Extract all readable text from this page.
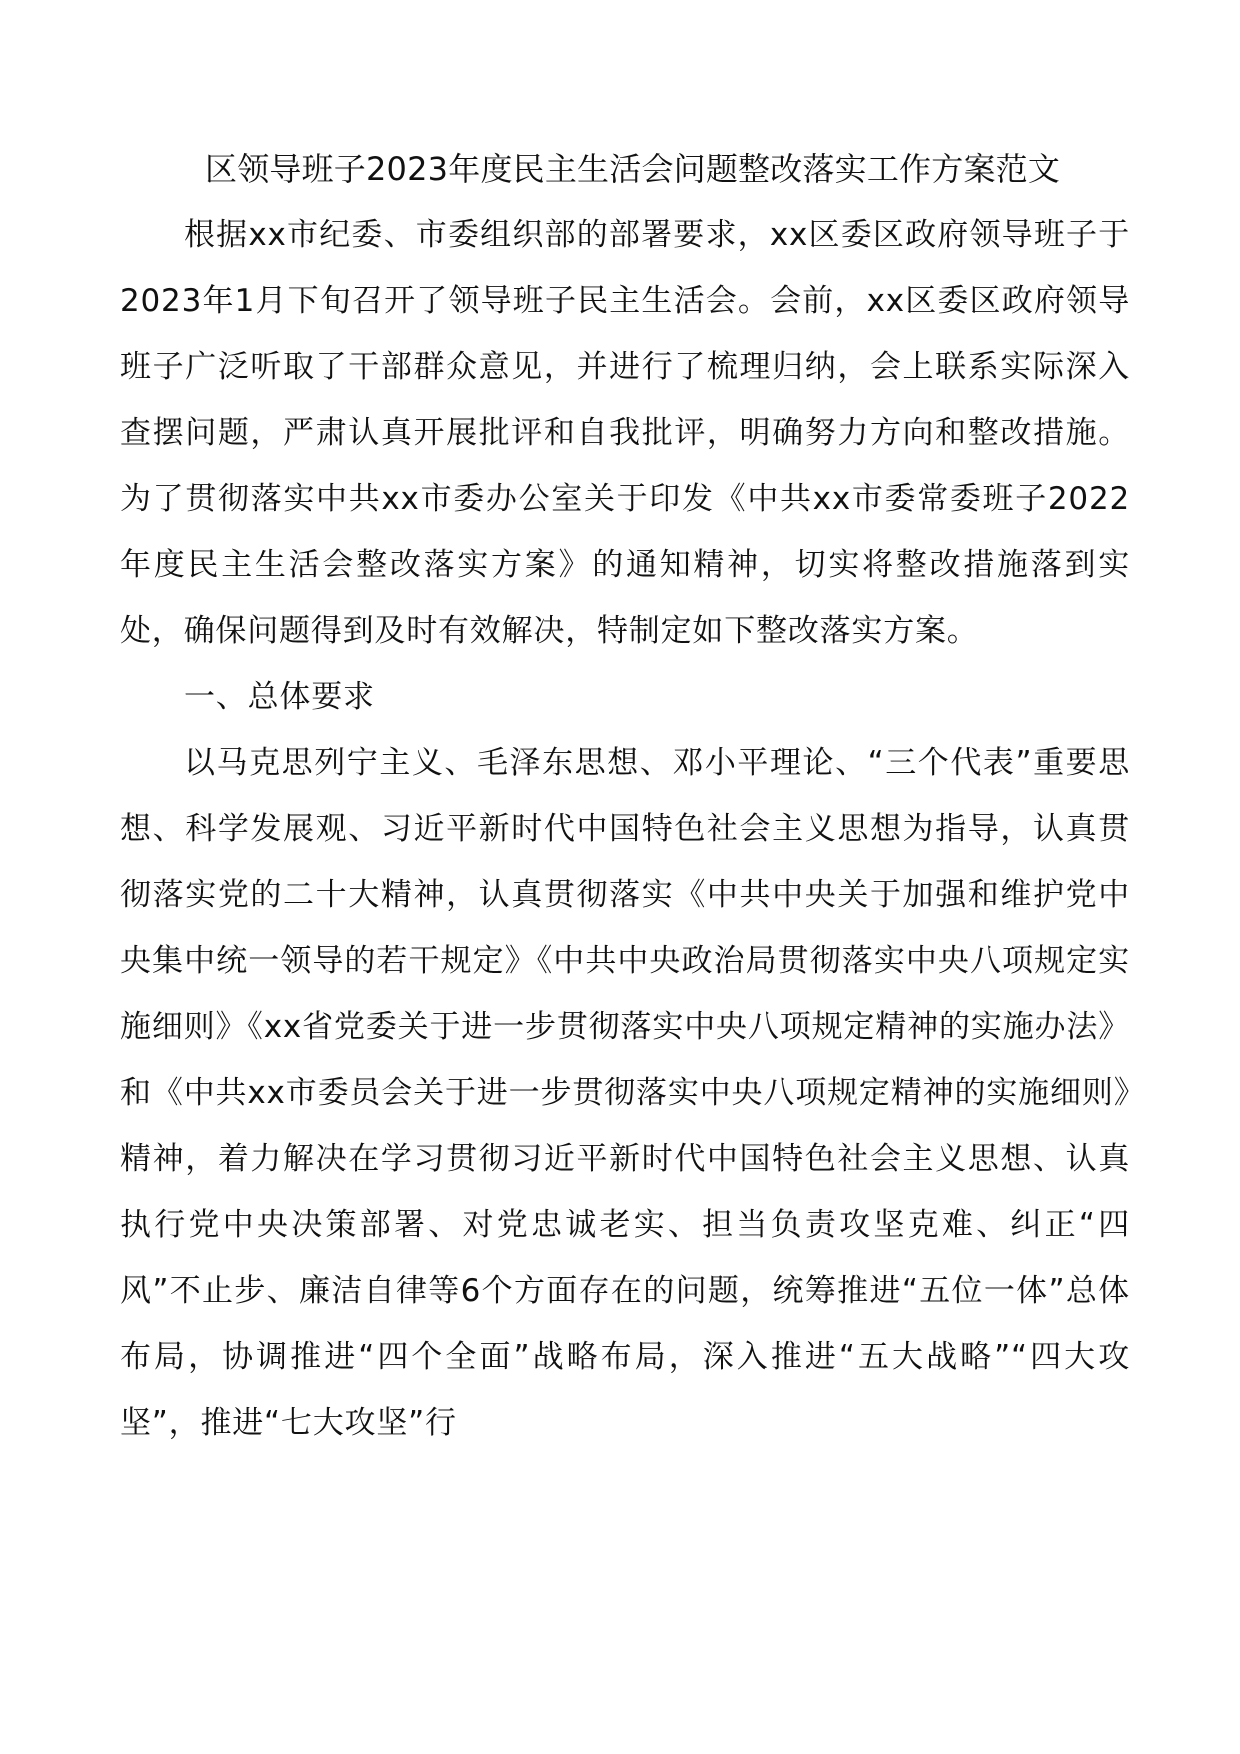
区领导班子2023年度民主生活会问题整改落实工作方案范文

根据xx市纪委、市委组织部的部署要求，xx区委区政府领导班子于2023年1月下旬召开了领导班子民主生活会。会前，xx区委区政府领导班子广泛听取了干部群众意见，并进行了梳理归纳，会上联系实际深入查摆问题，严肃认真开展批评和自我批评，明确努力方向和整改措施。为了贯彻落实中共xx市委办公室关于印发《中共xx市委常委班子2022年度民主生活会整改落实方案》的通知精神，切实将整改措施落到实处，确保问题得到及时有效解决，特制定如下整改落实方案。

一、总体要求

以马克思列宁主义、毛泽东思想、邓小平理论、“三个代表”重要思想、科学发展观、习近平新时代中国特色社会主义思想为指导，认真贯彻落实党的二十大精神，认真贯彻落实《中共中央关于加强和维护党中央集中统一领导的若干规定》《中共中央政治局贯彻落实中央八项规定实施细则》《xx省党委关于进一步贯彻落实中央八项规定精神的实施办法》和《中共xx市委员会关于进一步贯彻落实中央八项规定精神的实施细则》精神，着力解决在学习贯彻习近平新时代中国特色社会主义思想、认真执行党中央决策部署、对党忠诚老实、担当负责攻坚克难、纠正“四风”不止步、廉洁自律等6个方面存在的问题，统筹推进“五位一体”总体布局，协调推进“四个全面”战略布局，深入推进“五大战略”“四大攻坚”，推进“七大攻坚”行
